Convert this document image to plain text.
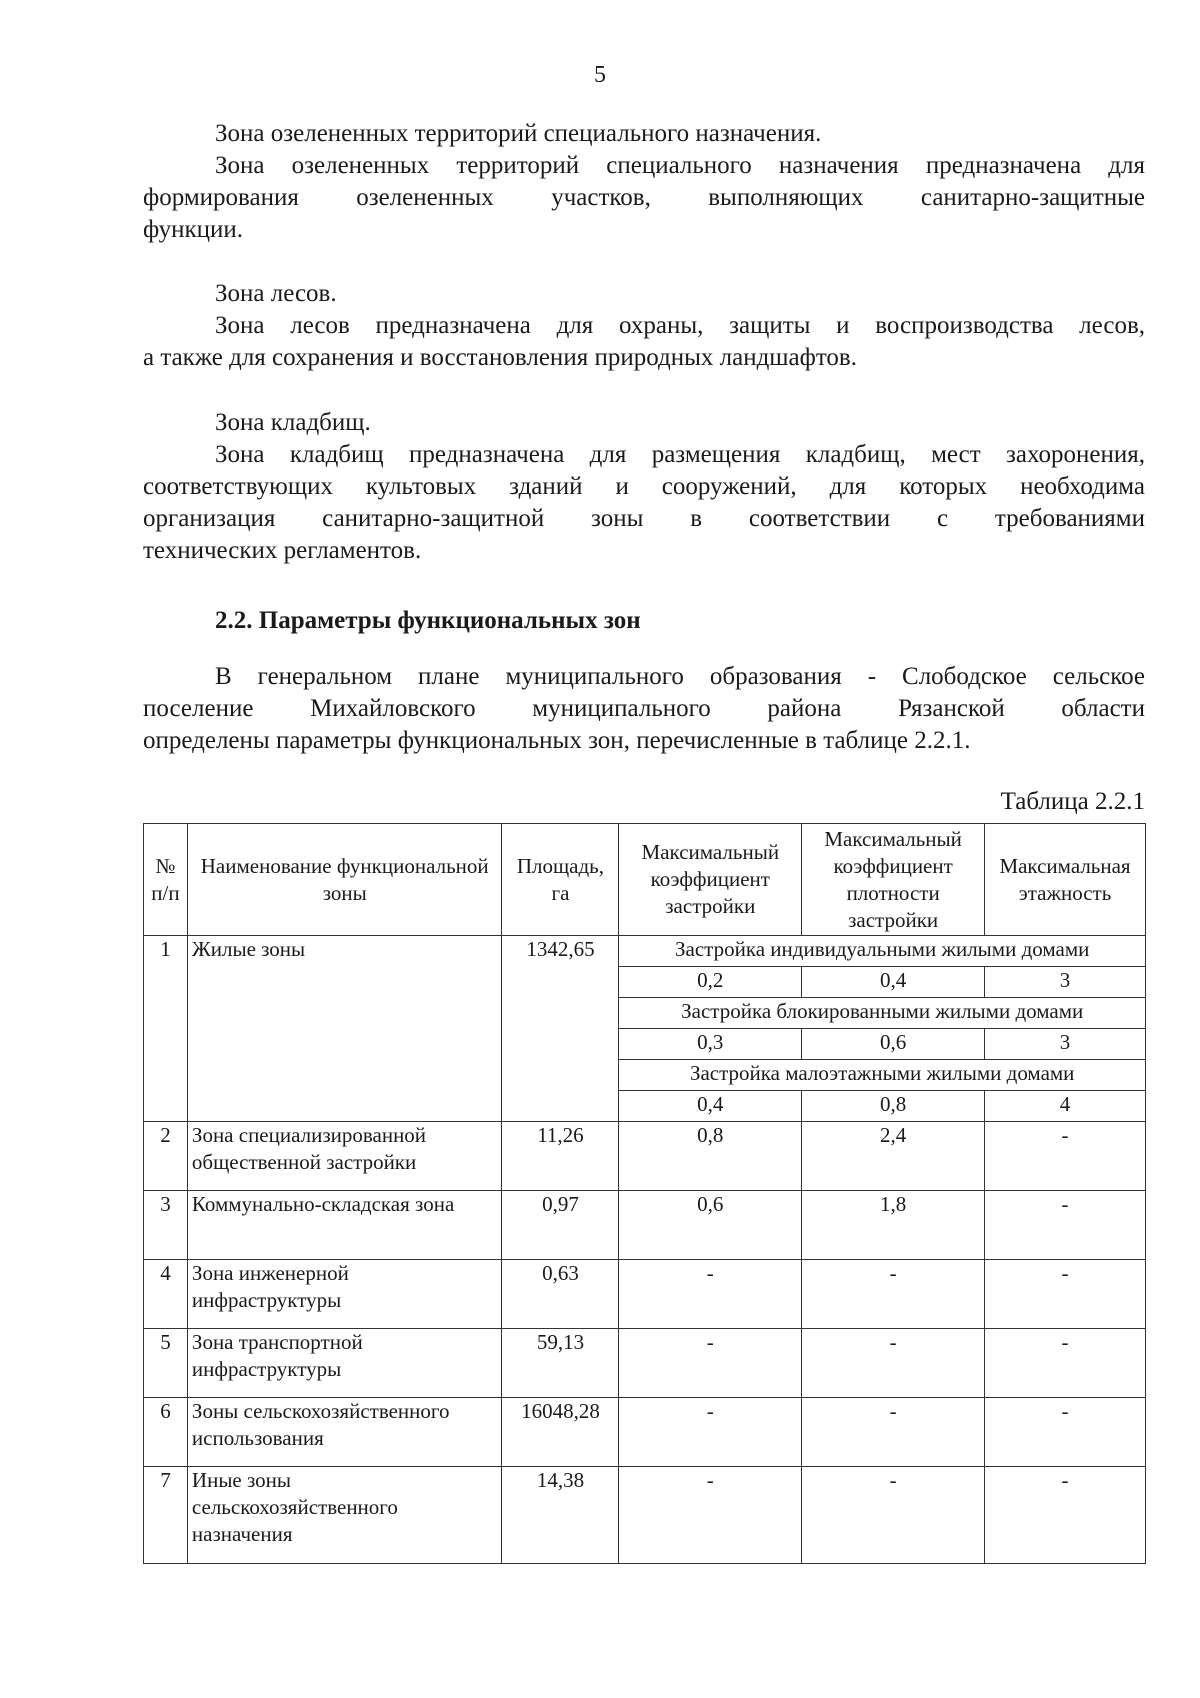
5

Зона озелененных территорий специального назначения.

Зона озелененных территорий специального назначения предназначена для

формирования озелененных участков, выполняющих санитарно-защитные

функции.

Зона лесов.

Зона лесов предназначена для охраны, защиты и воспроизводства лесов,

а также для сохранения и восстановления природных ландшафтов.

Зона кладбищ.

Зона кладбищ предназначена для размещения кладбищ, мест захоронения,

соответствующих культовых зданий и сооружений, для которых необходима

организация санитарно-защитной зоны в соответствии с требованиями

технических регламентов.

2.2. Параметры функциональных зон

В генеральном плане муниципального образования - Слободское сельское

поселение Михайловского муниципального района Рязанской области

определены параметры функциональных зон, перечисленные в таблице 2.2.1.

Таблица 2.2.1
№ п/п	Наименование функциональной зоны	Площадь, га	Максимальный коэффициент застройки	Максимальный коэффициент плотности застройки	Максимальная этажность
1	Жилые зоны	1342,65	Застройка индивидуальными жилыми домами		
			0,2	0,4	3
			Застройка блокированными жилыми домами		
			0,3	0,6	3
			Застройка малоэтажными жилыми домами		
			0,4	0,8	4
2	Зона специализированной общественной застройки	11,26	0,8	2,4	-
3	Коммунально-складская зона	0,97	0,6	1,8	-
4	Зона инженерной инфраструктуры	0,63	-	-	-
5	Зона транспортной инфраструктуры	59,13	-	-	-
6	Зоны сельскохозяйственного использования	16048,28	-	-	-
7	Иные зоны сельскохозяйственного назначения	14,38	-	-	-
